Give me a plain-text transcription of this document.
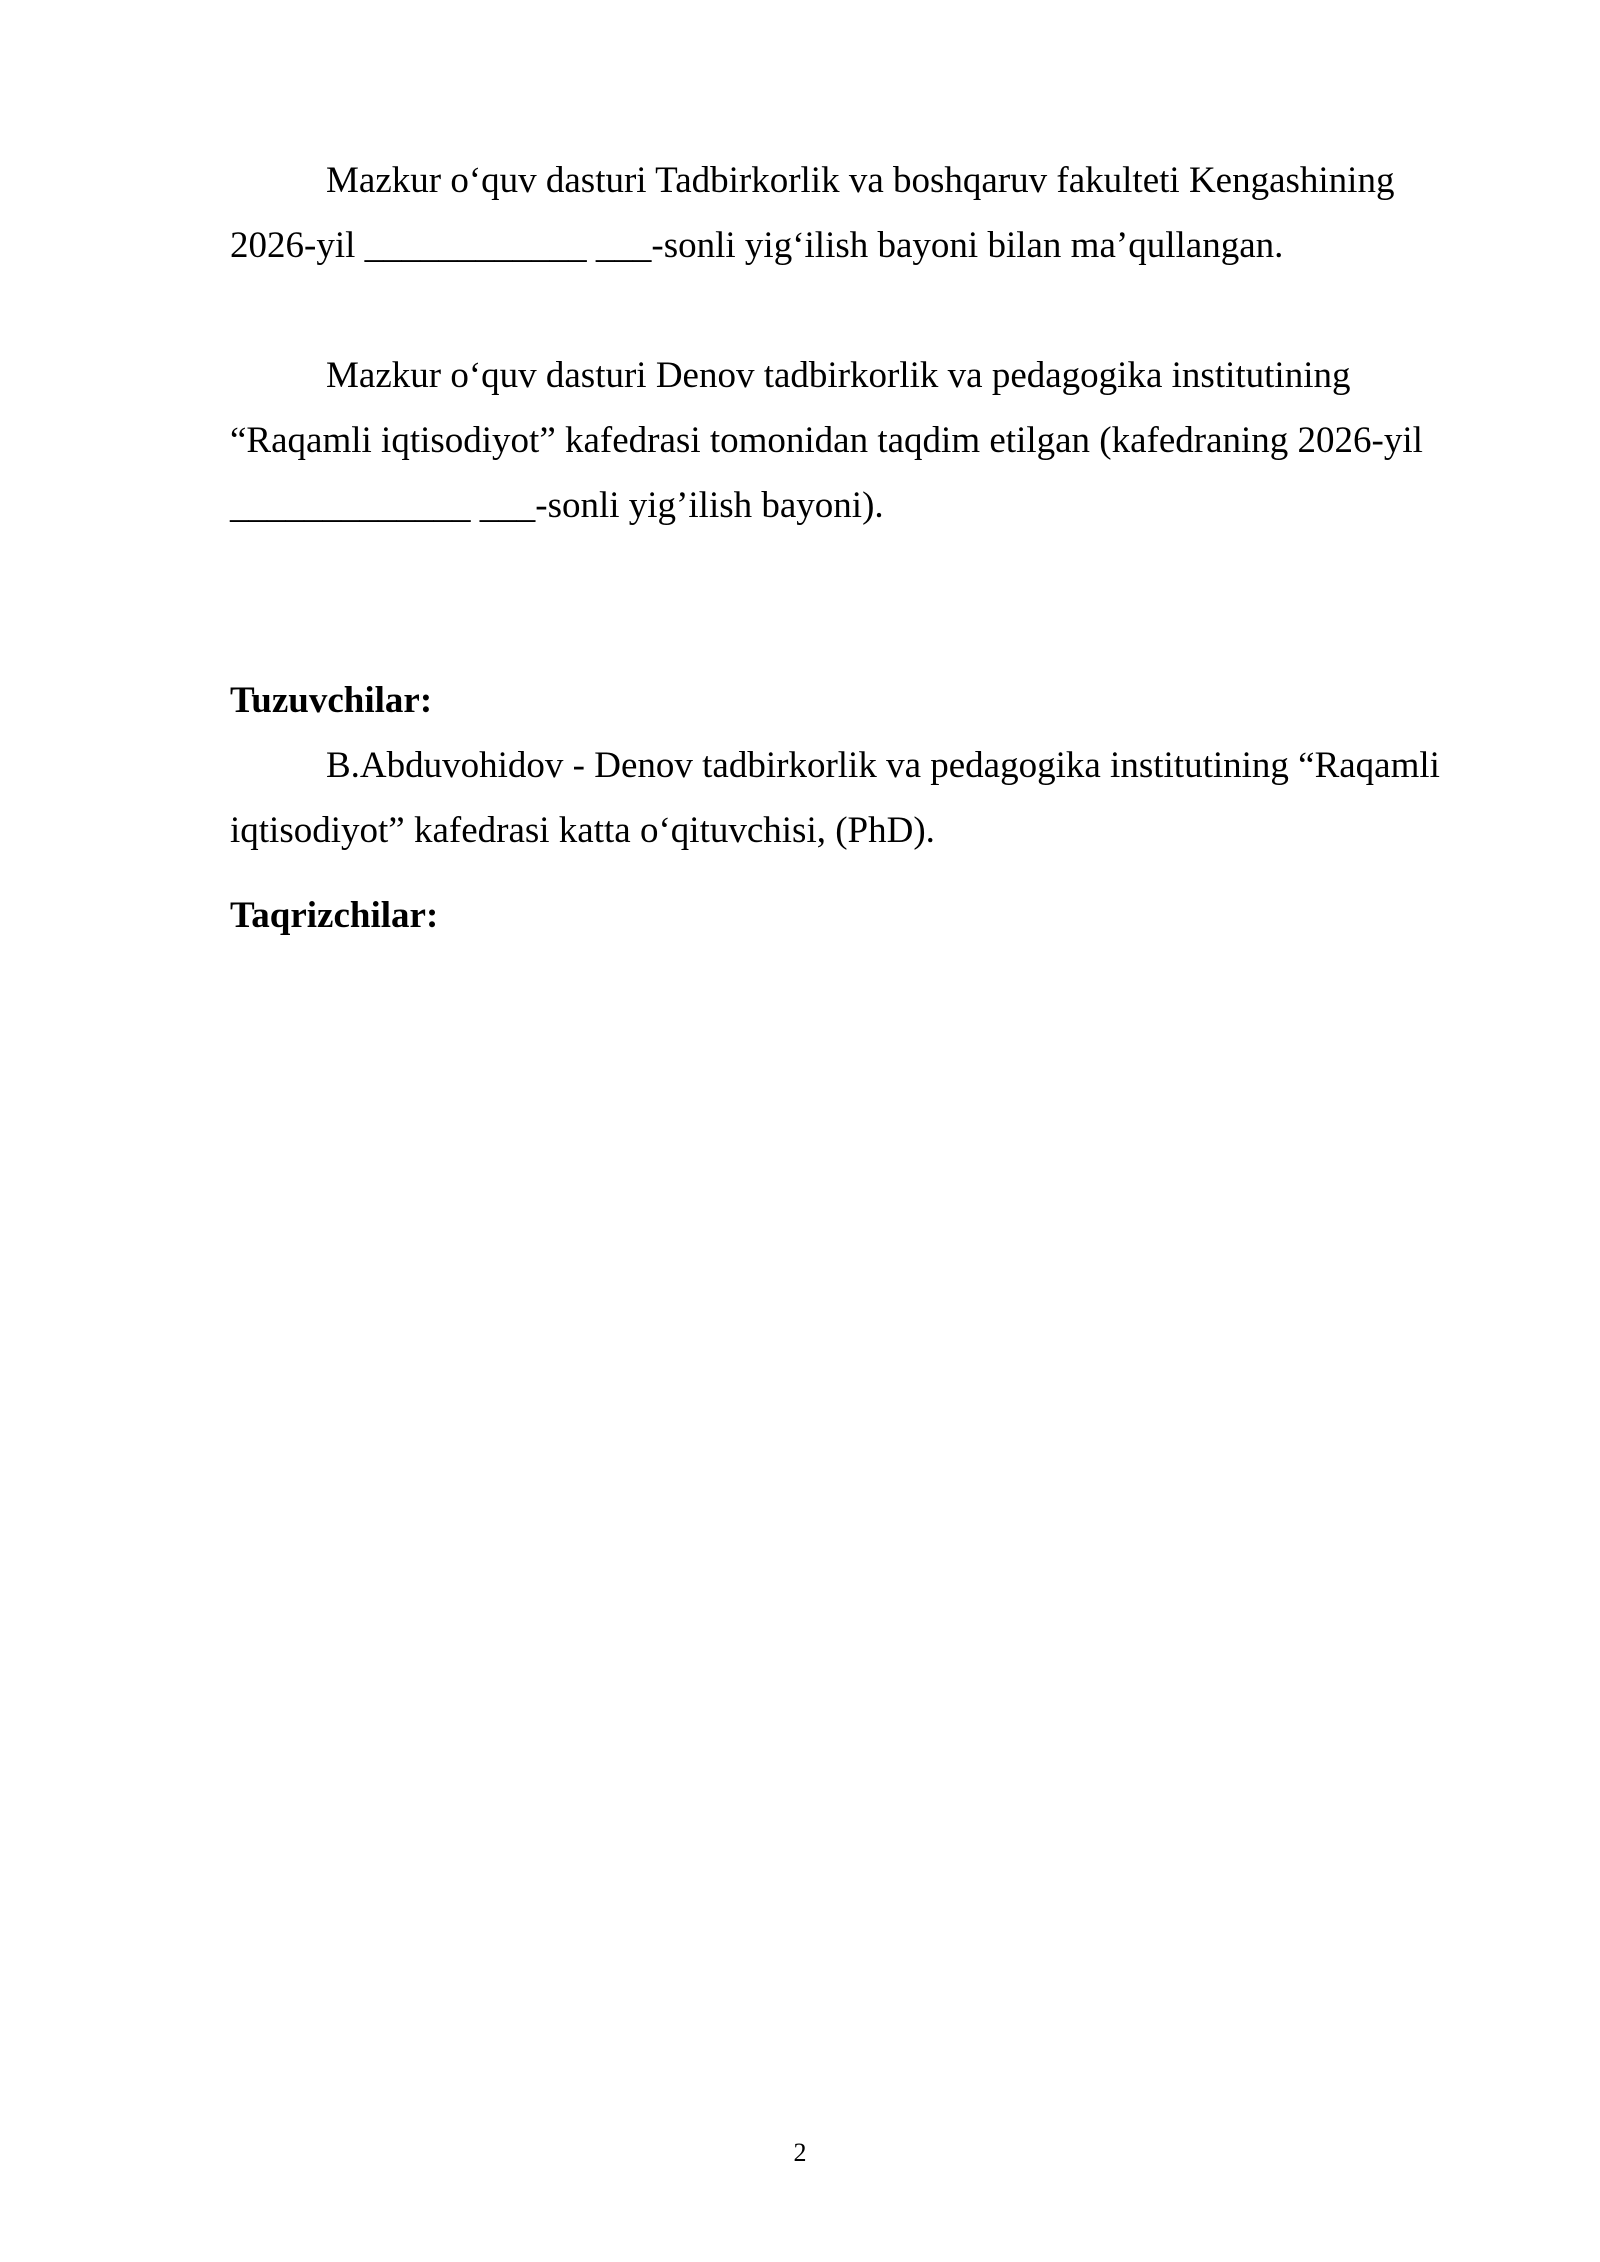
Mazkur o‘quv dasturi Tadbirkorlik va boshqaruv fakulteti Kengashining
2026-yil ____________ ___-sonli yig‘ilish bayoni bilan ma’qullangan.
Mazkur o‘quv dasturi Denov tadbirkorlik va pedagogika institutining
“Raqamli iqtisodiyot” kafedrasi tomonidan taqdim etilgan (kafedraning 2026-yil
_____________ ___-sonli yig’ilish bayoni).
Tuzuvchilar:
B.Abduvohidov - Denov tadbirkorlik va pedagogika institutining “Raqamli
iqtisodiyot” kafedrasi katta o‘qituvchisi, (PhD).
Taqrizchilar:
2
